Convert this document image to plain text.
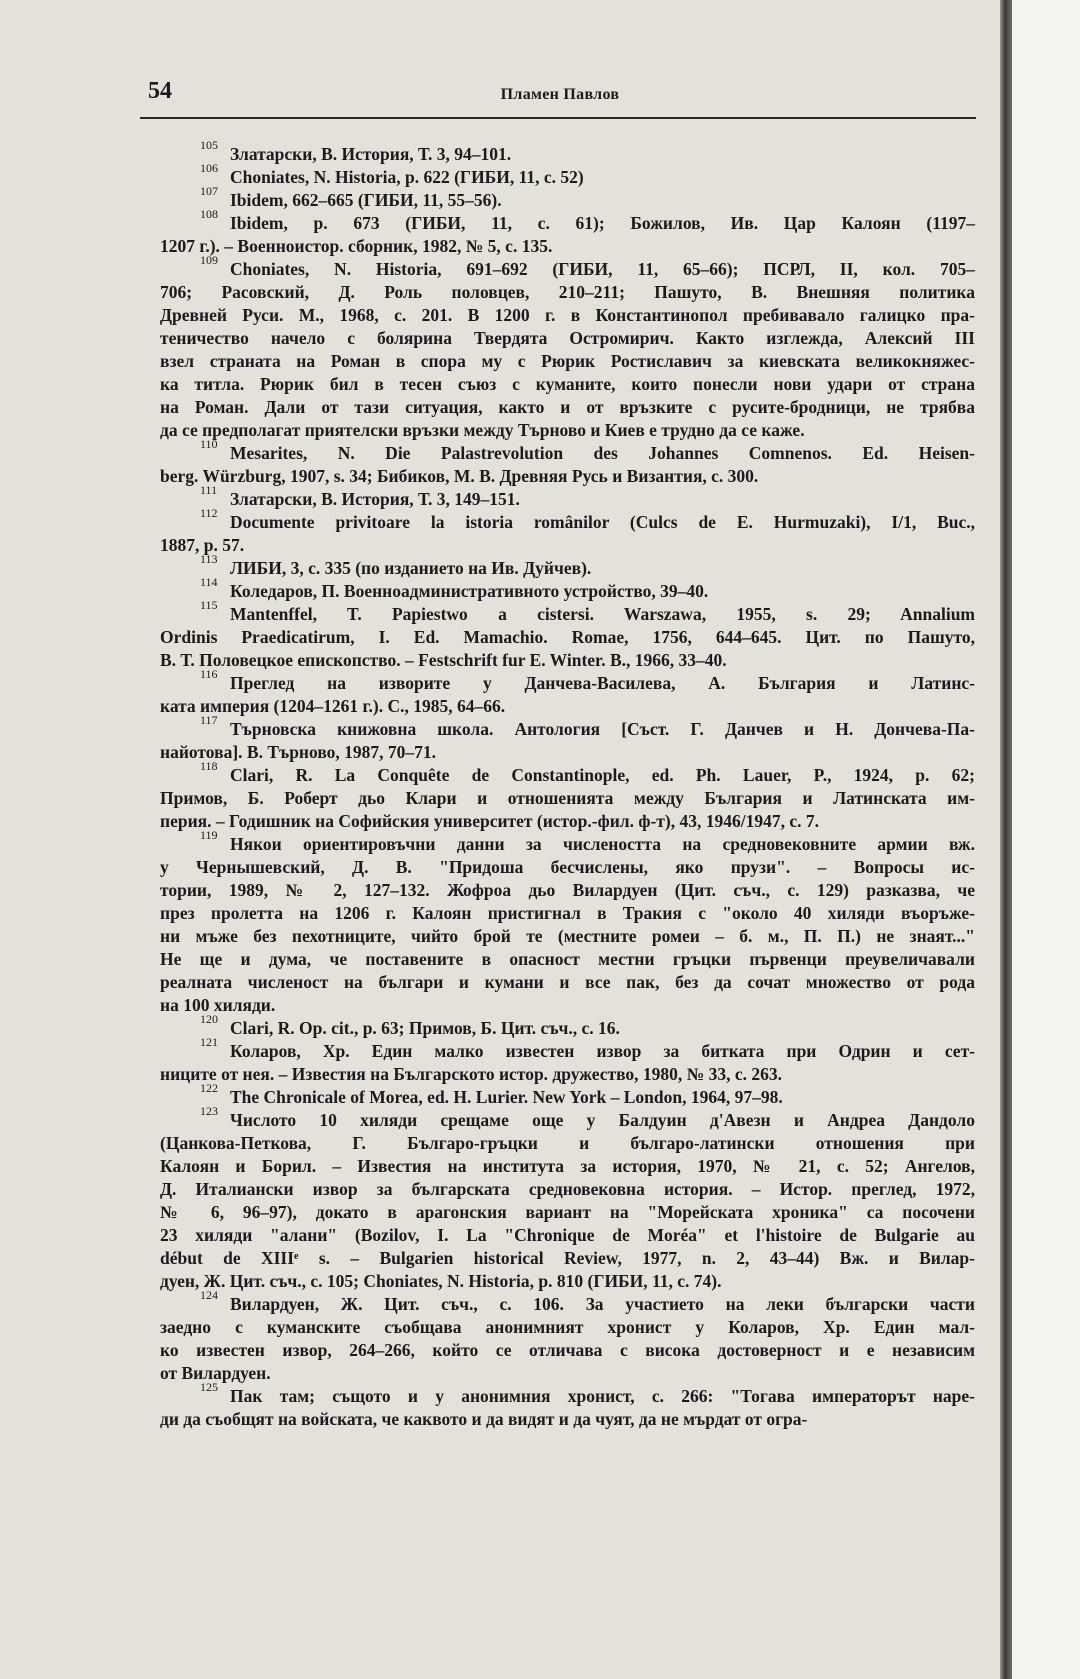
54	Пламен Павлов
105 Златарски, В. История, Т. 3, 94–101.
106 Choniates, N. Historia, p. 622 (ГИБИ, 11, с. 52)
107 Ibidem, 662–665 (ГИБИ, 11, 55–56).
108 Ibidem, p. 673 (ГИБИ, 11, с. 61); Божилов, Ив. Цар Калоян (1197–
1207 г.). – Военноистор. сборник, 1982, № 5, с. 135.
109 Choniates, N. Historia, 691–692 (ГИБИ, 11, 65–66); ПСРЛ, II, кол. 705–
706; Расовский, Д. Роль половцев, 210–211; Пашуто, В. Внешняя политика
Древней Руси. М., 1968, с. 201. В 1200 г. в Константинопол пребивавало галицко пра-
теничество начело с болярина Твердята Остромирич. Както изглежда, Алексий III
взел страната на Роман в спора му с Рюрик Ростиславич за киевската великокняжес-
ка титла. Рюрик бил в тесен съюз с куманите, които понесли нови удари от страна
на Роман. Дали от тази ситуация, както и от връзките с русите-бродници, не трябва
да се предполагат приятелски връзки между Търново и Киев е трудно да се каже.
110 Mesarites, N. Die Palastrevolution des Johannes Comnenos. Ed. Heisen-
berg. Würzburg, 1907, s. 34; Бибиков, М. В. Древняя Русь и Византия, с. 300.
111 Златарски, В. История, Т. 3, 149–151.
112 Documente privitoare la istoria românilor (Culcs de E. Hurmuzaki), I/1, Buc.,
1887, p. 57.
113 ЛИБИ, 3, с. 335 (по изданието на Ив. Дуйчев).
114 Коледаров, П. Военноадминистративното устройство, 39–40.
115 Mantenffel, T. Papiestwo a cistersi. Warszawa, 1955, s. 29; Annalium
Ordinis Praedicatirum, I. Ed. Mamachio. Romae, 1756, 644–645. Цит. по Пашуто,
В. Т. Половецкое епископство. – Festschrift fur E. Winter. B., 1966, 33–40.
116 Преглед на изворите у Данчева-Василева, А. България и Латинс-
ката империя (1204–1261 г.). С., 1985, 64–66.
117 Търновска книжовна школа. Антология [Съст. Г. Данчев и Н. Дончева-Па-
найотова]. В. Търново, 1987, 70–71.
118 Clari, R. La Conquête de Constantinople, ed. Ph. Lauer, P., 1924, p. 62;
Примов, Б. Роберт дьо Клари и отношенията между България и Латинската им-
перия. – Годишник на Софийския университет (истор.-фил. ф-т), 43, 1946/1947, с. 7.
119 Някои ориентировъчни данни за числеността на средновековните армии вж.
у Чернышевский, Д. В. "Придоша бесчислены, яко прузи". – Вопросы ис-
тории, 1989, № 2, 127–132. Жофроа дьо Вилардуен (Цит. съч., с. 129) разказва, че
през пролетта на 1206 г. Калоян пристигнал в Тракия с "около 40 хиляди въоръже-
ни мъже без пехотниците, чийто брой те (местните ромеи – б. м., П. П.) не знаят..."
Не ще и дума, че поставените в опасност местни гръцки първенци преувеличавали
реалната численост на българи и кумани и все пак, без да сочат множество от рода
на 100 хиляди.
120 Clari, R. Op. cit., p. 63; Примов, Б. Цит. съч., с. 16.
121 Коларов, Хр. Един малко известен извор за битката при Одрин и сет-
ниците от нея. – Известия на Българското истор. дружество, 1980, № 33, с. 263.
122 The Chronicale of Morea, ed. H. Lurier. New York – London, 1964, 97–98.
123 Числото 10 хиляди срещаме още у Балдуин д'Авезн и Андреа Дандоло
(Цанкова-Петкова, Г. Българо-гръцки и българо-латински отношения при
Калоян и Борил. – Известия на института за история, 1970, № 21, с. 52; Ангелов,
Д. Италиански извор за българската средновековна история. – Истор. преглед, 1972,
№ 6, 96–97), докато в арагонския вариант на "Морейската хроника" са посочени
23 хиляди "алани" (Bozilov, I. La "Chronique de Moréa" et l'histoire de Bulgarie au
début de XIIIᵉ s. – Bulgarien historical Review, 1977, n. 2, 43–44) Вж. и Вилар-
дуен, Ж. Цит. съч., с. 105; Choniates, N. Historia, p. 810 (ГИБИ, 11, с. 74).
124 Вилардуен, Ж. Цит. съч., с. 106. За участието на леки български части
заедно с куманските съобщава анонимният хронист у Коларов, Хр. Един мал-
ко известен извор, 264–266, който се отличава с висока достоверност и е независим
от Вилардуен.
125 Пак там; същото и у анонимния хронист, с. 266: "Тогава императорът наре-
ди да съобщят на войската, че каквото и да видят и да чуят, да не мърдат от огра-
